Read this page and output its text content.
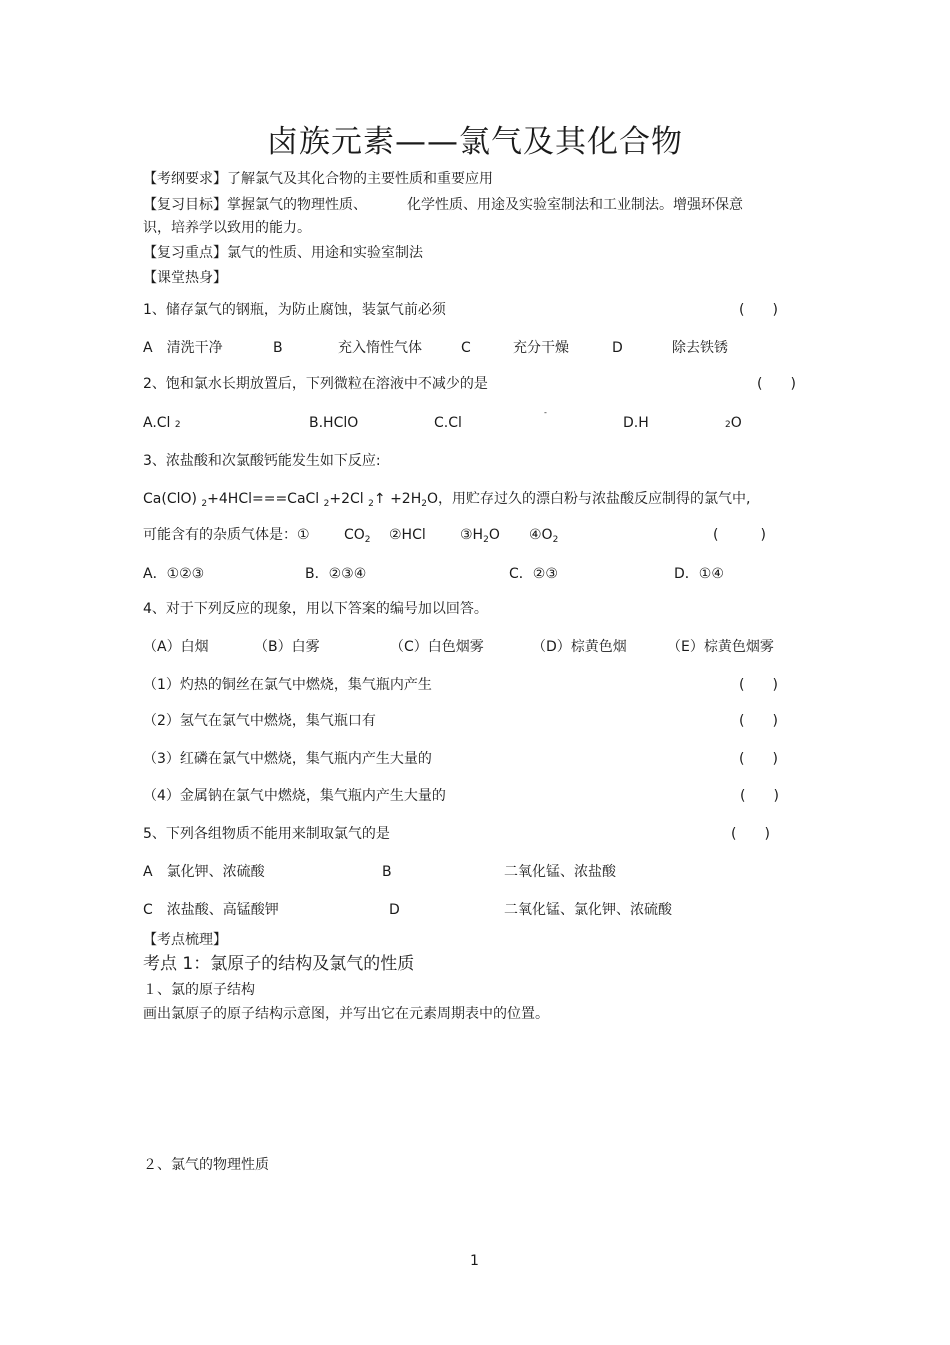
卤族元素——氯气及其化合物
【考纲要求】了解氯气及其化合物的主要性质和重要应用
【复习目标】掌握氯气的物理性质、	化学性质、用途及实验室制法和工业制法。增强环保意
识，培养学以致用的能力。
【复习重点】氯气的性质、用途和实验室制法
【课堂热身】
1、储存氯气的钢瓶，为防止腐蚀，装氯气前必须	(　　)
A　清洗干净	B	充入惰性气体	C	充分干燥	D	除去铁锈
2、饱和氯水长期放置后，下列微粒在溶液中不减少的是	(　　)
A.Cl 2	B.HClO	C.Cl
-
D.H	2O
3、浓盐酸和次氯酸钙能发生如下反应:
Ca(ClO) $_2$+4HCl===CaCl $_2$+2Cl $_2$↑ $+2H_2O$，用贮存过久的漂白粉与浓盐酸反应制得的氯气中,
可能含有的杂质气体是：① $CO_2$ ②HCl $③H_2O$ $④O_2$	(　　　)
A．①②③	B．②③④	C．②③	D．①④
4、对于下列反应的现象，用以下答案的编号加以回答。
（A）白烟	（B）白雾	（C）白色烟雾	（D）棕黄色烟	（E）棕黄色烟雾
（1）灼热的铜丝在氯气中燃烧，集气瓶内产生	(　　)
（2）氢气在氯气中燃烧，集气瓶口有	(　　)
（3）红磷在氯气中燃烧，集气瓶内产生大量的	(　　)
（4）金属钠在氯气中燃烧，集气瓶内产生大量的	(　　)
5、下列各组物质不能用来制取氯气的是	(　　)
A　氯化钾、浓硫酸	B	二氧化锰、浓盐酸
C　浓盐酸、高锰酸钾	D	二氧化锰、氯化钾、浓硫酸
【考点梳理】
考点 1：氯原子的结构及氯气的性质
１、氯的原子结构
画出氯原子的原子结构示意图，并写出它在元素周期表中的位置。
２、氯气的物理性质
1
